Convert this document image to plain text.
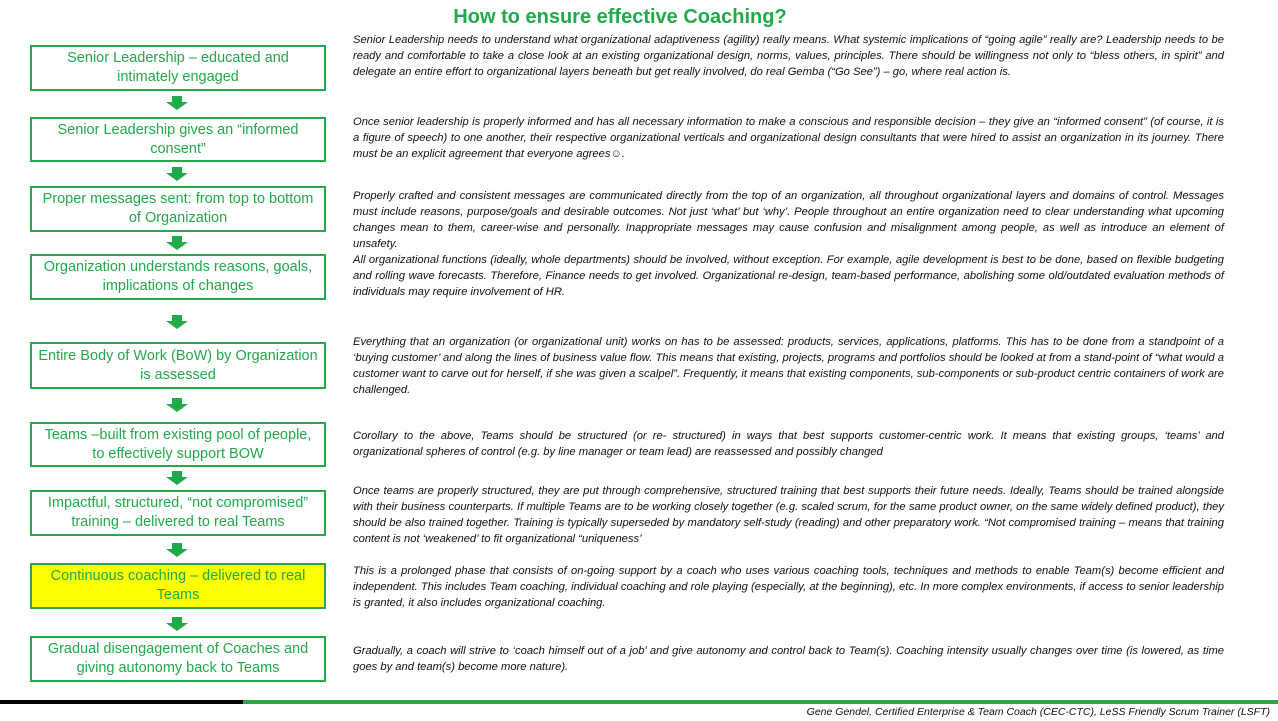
How to ensure effective Coaching?
Senior Leadership – educated and intimately engaged
Senior Leadership gives an “informed consent”
Proper messages sent: from top to bottom of Organization
Organization understands reasons, goals, implications of changes
Entire Body of Work (BoW) by Organization is assessed
Teams –built from existing pool of people, to effectively support BOW
Impactful, structured, “not compromised” training – delivered to real Teams
Continuous coaching – delivered to real Teams
Gradual disengagement of Coaches and giving autonomy back to Teams
Senior Leadership needs to understand what organizational adaptiveness (agility) really means. What systemic implications of “going agile” really are? Leadership needs to be ready and comfortable to take a close look at an existing organizational design, norms, values, principles. There should be willingness not only to “bless others, in spirit” and delegate an entire effort to organizational layers beneath but get really involved, do real Gemba (“Go See”) – go, where real action is.
Once senior leadership is properly informed and has all necessary information to make a conscious and responsible decision – they give an “informed consent” (of course, it is a figure of speech) to one another, their respective organizational verticals and organizational design consultants that were hired to assist an organization in its journey. There must be an explicit agreement that everyone agrees☺.
Properly crafted and consistent messages are communicated directly from the top of an organization, all throughout organizational layers and domains of control. Messages must include reasons, purpose/goals and desirable outcomes. Not just ‘what’ but ‘why’. People throughout an entire organization need to clear understanding what upcoming changes mean to them, career-wise and personally. Inappropriate messages may cause confusion and misalignment among people, as well as introduce an element of unsafety.
All organizational functions (ideally, whole departments) should be involved, without exception. For example, agile development is best to be done, based on flexible budgeting and rolling wave forecasts. Therefore, Finance needs to get involved. Organizational re-design, team-based performance, abolishing some old/outdated evaluation methods of individuals may require involvement of HR.
Everything that an organization (or organizational unit) works on has to be assessed: products, services, applications, platforms. This has to be done from a standpoint of a ‘buying customer’ and along the lines of business value flow. This means that existing, projects, programs and portfolios should be looked at from a stand-point of “what would a customer want to carve out for herself, if she was given a scalpel”. Frequently, it means that existing components, sub-components or sub-product centric containers of work are challenged.
Corollary to the above, Teams should be structured (or re- structured) in ways that best supports customer-centric work. It means that existing groups, ‘teams’ and organizational spheres of control (e.g. by line manager or team lead) are reassessed and possibly changed
Once teams are properly structured, they are put through comprehensive, structured training that best supports their future needs. Ideally, Teams should be trained alongside with their business counterparts. If multiple Teams are to be working closely together (e.g. scaled scrum, for the same product owner, on the same widely defined product), they should be also trained together. Training is typically superseded by mandatory self-study (reading) and other preparatory work. “Not compromised training – means that training content is not ‘weakened’ to fit organizational “uniqueness’
This is a prolonged phase that consists of on-going support by a coach who uses various coaching tools, techniques and methods to enable Team(s) become efficient and independent. This includes Team coaching, individual coaching and role playing (especially, at the beginning), etc. In more complex environments, if access to senior leadership is granted, it also includes organizational coaching.
Gradually, a coach will strive to ‘coach himself out of a job’ and give autonomy and control back to Team(s). Coaching intensity usually changes over time (is lowered, as time goes by and team(s) become more nature).
Gene Gendel, Certified Enterprise & Team Coach (CEC-CTC), LeSS Friendly Scrum Trainer (LSFT)
